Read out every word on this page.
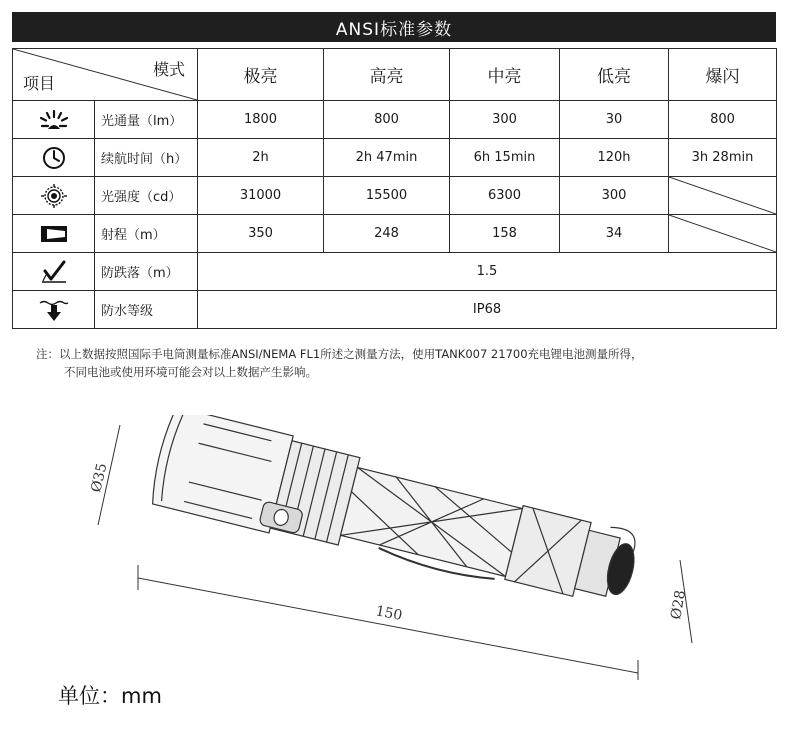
ANSI标准参数
模式
项目		极亮	高亮	中亮	低亮	爆闪
	光通量（lm）	1800	800	300	30	800
	续航时间（h）	2h	2h 47min	6h 15min	120h	3h 28min
	光强度（cd）	31000	15500	6300	300	

	射程（m）	350	248	158	34	

	防跌落（m）	1.5				
	防水等级	IP68				
注：以上数据按照国际手电筒测量标准ANSI/NEMA FL1所述之测量方法，使用TANK007 21700充电锂电池测量所得，
不同电池或使用环境可能会对以上数据产生影响。
Ø35
150	Ø28
单位：mm
